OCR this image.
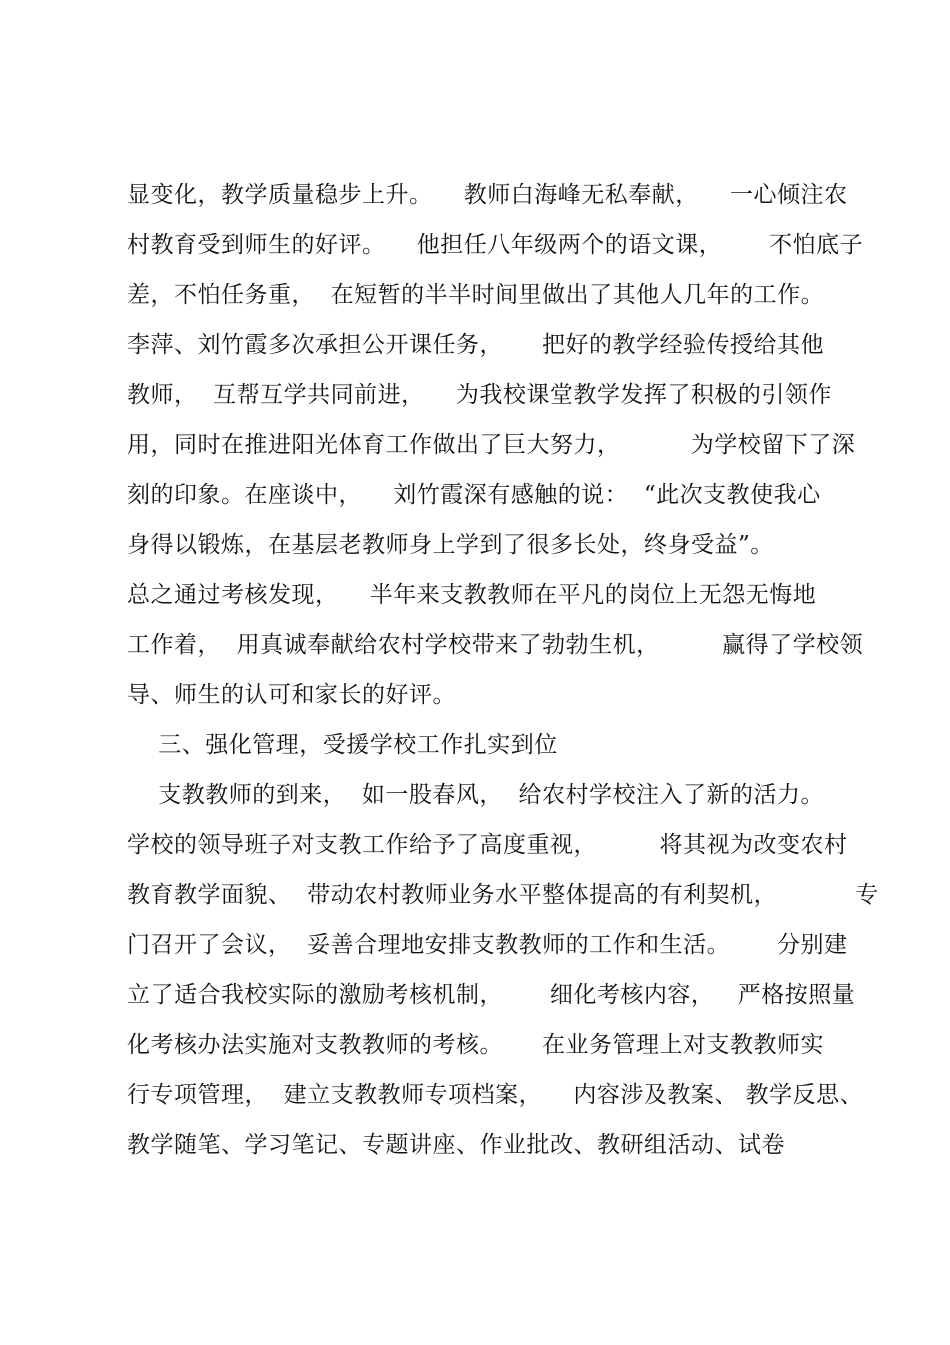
显变化，教学质量稳步上升。    教师白海峰无私奉献，    一心倾注农
村教育受到师生的好评。    他担任八年级两个的语文课，      不怕底子
差，不怕任务重，  在短暂的半半时间里做出了其他人几年的工作。
李萍、刘竹霞多次承担公开课任务，     把好的教学经验传授给其他
教师，  互帮互学共同前进，    为我校课堂教学发挥了积极的引领作
用，同时在推进阳光体育工作做出了巨大努力，         为学校留下了深
刻的印象。在座谈中，    刘竹霞深有感触的说：  “此次支教使我心
身得以锻炼，在基层老教师身上学到了很多长处，终身受益”。
总之通过考核发现，    半年来支教教师在平凡的岗位上无怨无悔地
工作着，  用真诚奉献给农村学校带来了勃勃生机，        赢得了学校领
导、师生的认可和家长的好评。
三、强化管理，受援学校工作扎实到位
支教教师的到来，  如一股春风，  给农村学校注入了新的活力。
学校的领导班子对支教工作给予了高度重视，        将其视为改变农村
教育教学面貌、  带动农村教师业务水平整体提高的有利契机，          专
门召开了会议，  妥善合理地安排支教教师的工作和生活。      分别建
立了适合我校实际的激励考核机制，      细化考核内容，   严格按照量
化考核办法实施对支教教师的考核。     在业务管理上对支教教师实
行专项管理，  建立支教教师专项档案，    内容涉及教案、 教学反思、
教学随笔、学习笔记、专题讲座、作业批改、教研组活动、试卷
